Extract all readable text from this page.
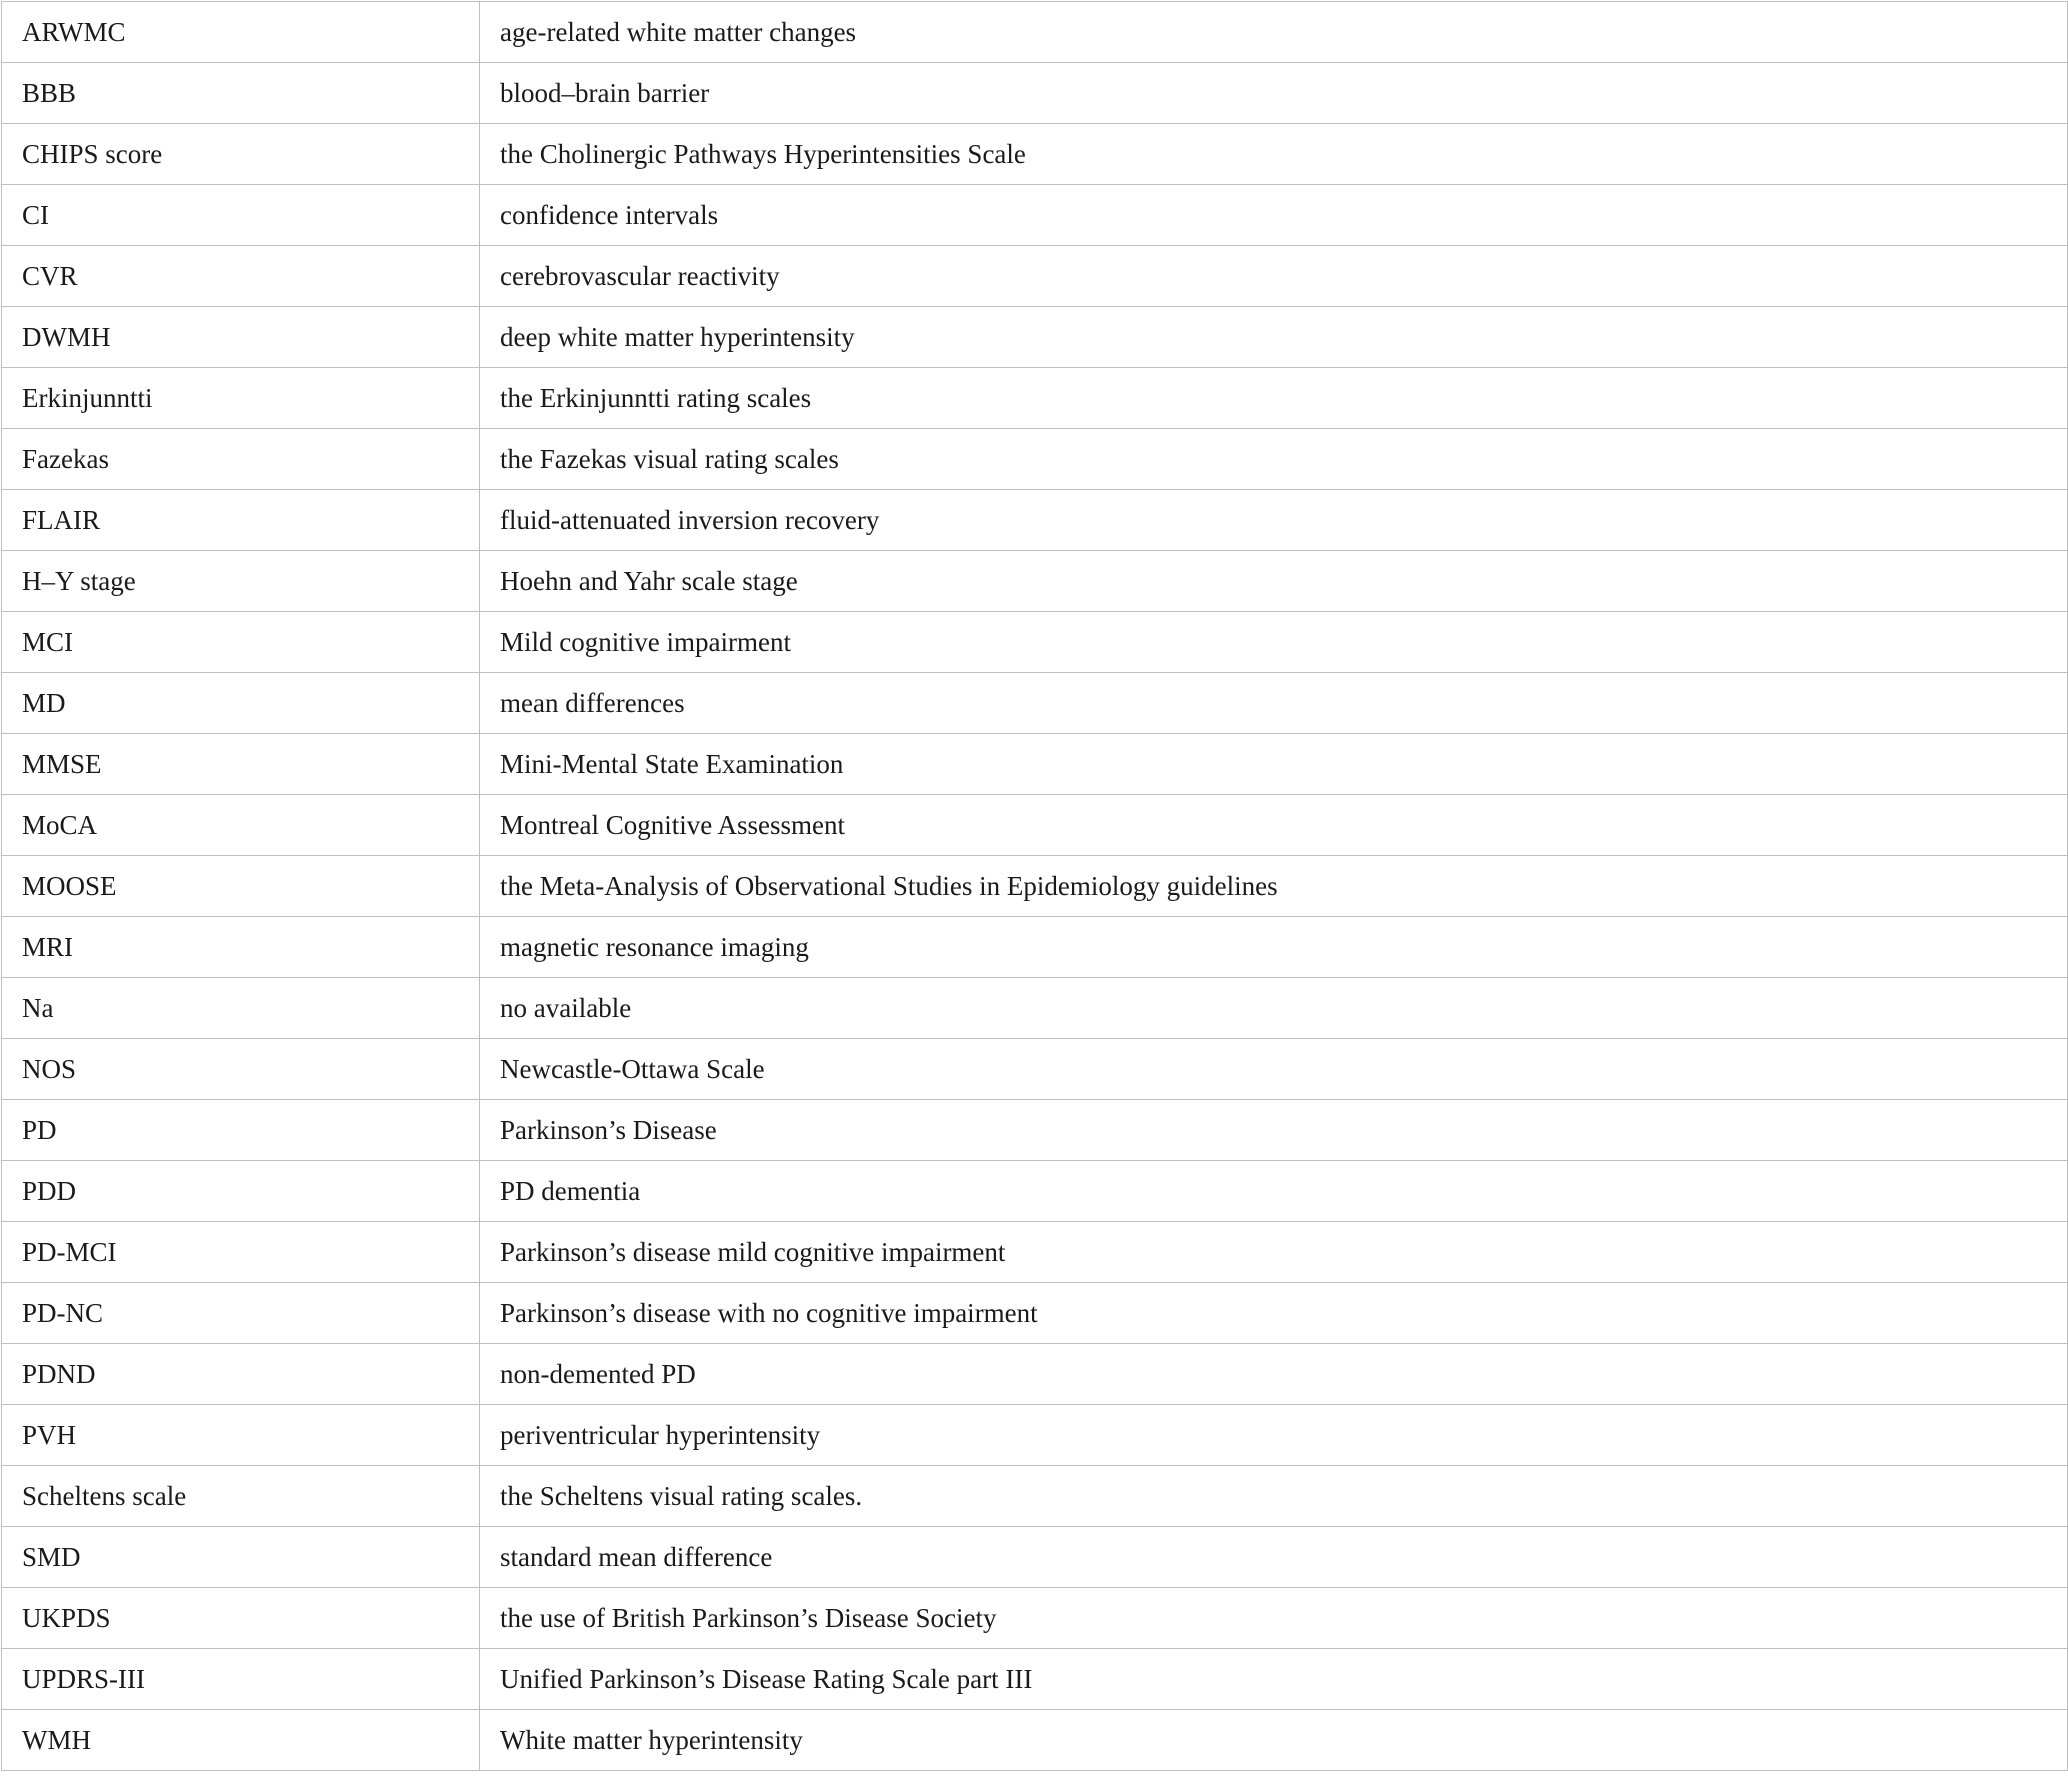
ARWMC	age-related white matter changes
BBB	blood–brain barrier
CHIPS score	the Cholinergic Pathways Hyperintensities Scale
CI	confidence intervals
CVR	cerebrovascular reactivity
DWMH	deep white matter hyperintensity
Erkinjunntti	the Erkinjunntti rating scales
Fazekas	the Fazekas visual rating scales
FLAIR	fluid-attenuated inversion recovery
H–Y stage	Hoehn and Yahr scale stage
MCI	Mild cognitive impairment
MD	mean differences
MMSE	Mini-Mental State Examination
MoCA	Montreal Cognitive Assessment
MOOSE	the Meta-Analysis of Observational Studies in Epidemiology guidelines
MRI	magnetic resonance imaging
Na	no available
NOS	Newcastle-Ottawa Scale
PD	Parkinson’s Disease
PDD	PD dementia
PD-MCI	Parkinson’s disease mild cognitive impairment
PD-NC	Parkinson’s disease with no cognitive impairment
PDND	non-demented PD
PVH	periventricular hyperintensity
Scheltens scale	the Scheltens visual rating scales.
SMD	standard mean difference
UKPDS	the use of British Parkinson’s Disease Society
UPDRS-III	Unified Parkinson’s Disease Rating Scale part III
WMH	White matter hyperintensity
